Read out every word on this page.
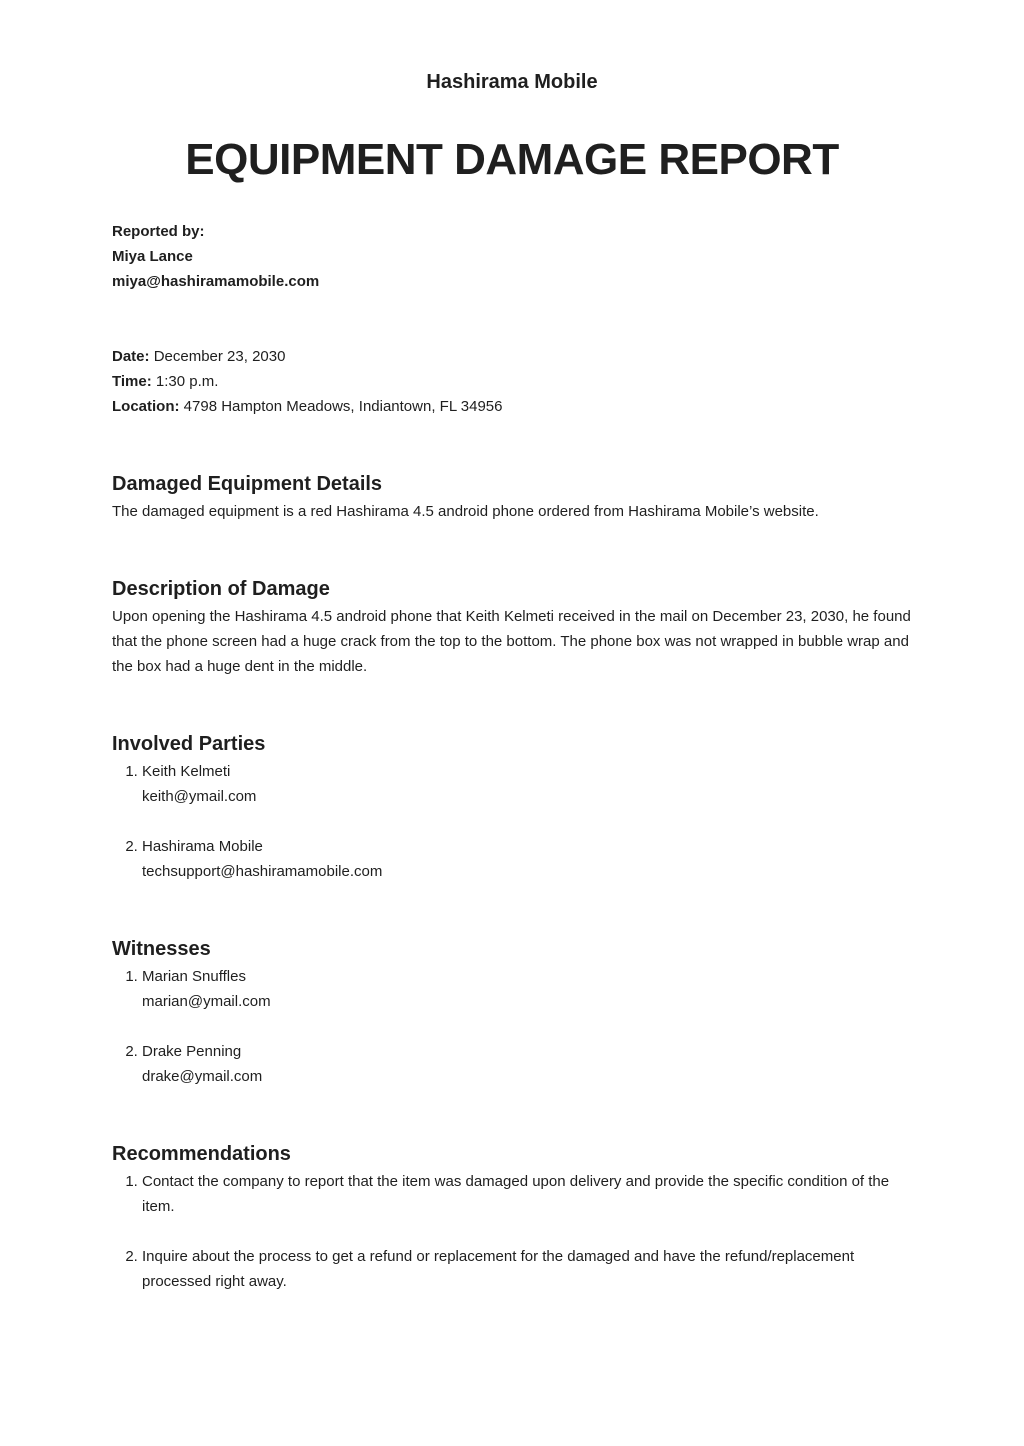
Hashirama Mobile
EQUIPMENT DAMAGE REPORT
Reported by:
Miya Lance
miya@hashiramamobile.com
Date: December 23, 2030
Time: 1:30 p.m.
Location: 4798 Hampton Meadows, Indiantown, FL 34956
Damaged Equipment Details

The damaged equipment is a red Hashirama 4.5 android phone ordered from Hashirama Mobile’s website.

Description of Damage

Upon opening the Hashirama 4.5 android phone that Keith Kelmeti received in the mail on December 23, 2030, he found that the phone screen had a huge crack from the top to the bottom. The phone box was not wrapped in bubble wrap and the box had a huge dent in the middle.

Involved Parties
1. Keith Kelmeti
keith@ymail.com
2. Hashirama Mobile
techsupport@hashiramamobile.com
Witnesses
1. Marian Snuffles
marian@ymail.com
2. Drake Penning
drake@ymail.com
Recommendations
1. Contact the company to report that the item was damaged upon delivery and provide the specific condition of the item.
2. Inquire about the process to get a refund or replacement for the damaged and have the refund/replacement processed right away.
